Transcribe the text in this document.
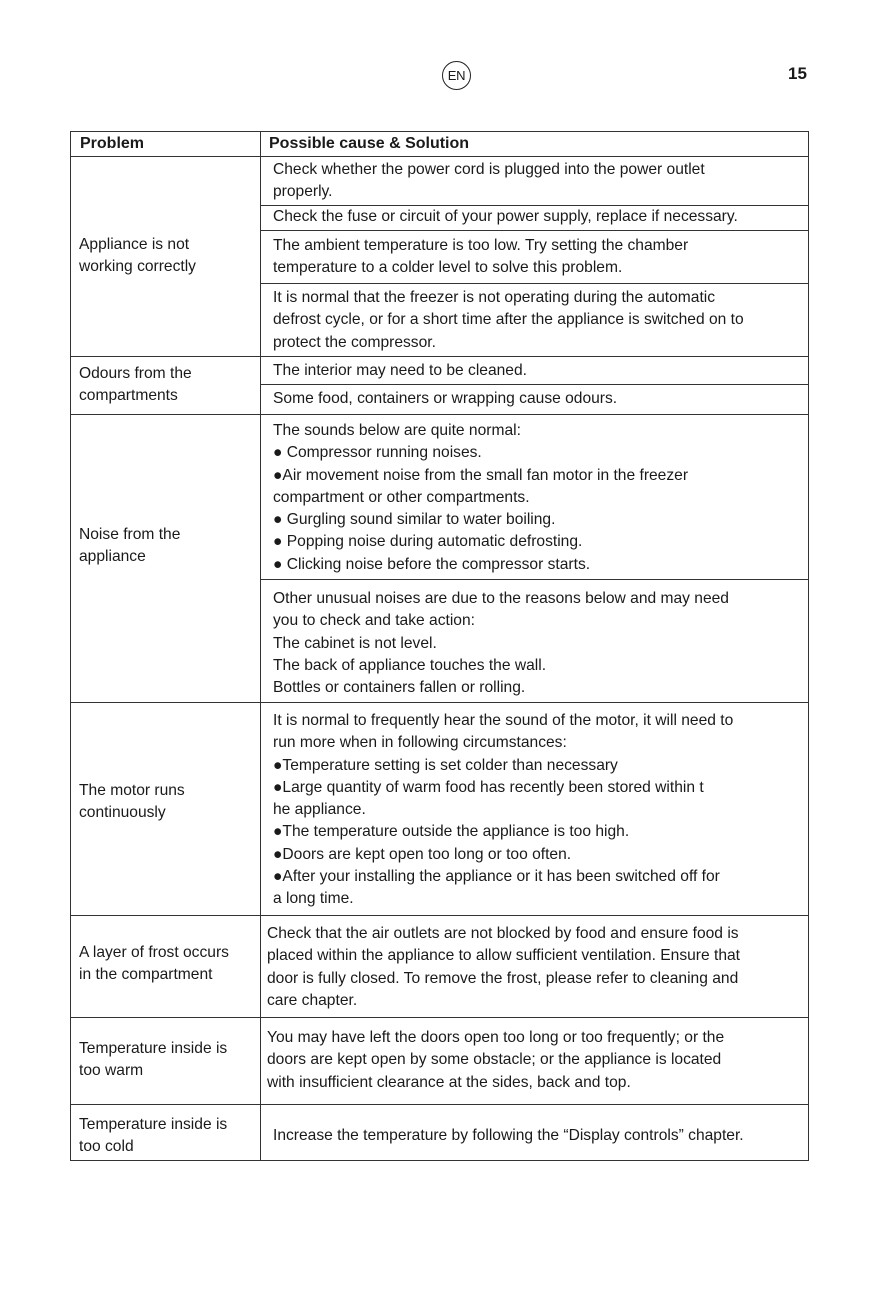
EN	15
Problem	Possible cause & Solution
Appliance is not
working correctly
Check whether the power cord is plugged into the power outlet
properly.
Check the fuse or circuit of your power supply, replace if necessary.
The ambient temperature is too low. Try setting the chamber
temperature to a colder level to solve this problem.
It is normal that the freezer is not operating during the automatic
defrost cycle, or for a short time after the appliance is switched on to
protect the compressor.
Odours from the
compartments
The interior may need to be cleaned.
Some food, containers or wrapping cause odours.
Noise from the
appliance
The sounds below are quite normal:
● Compressor running noises.
●Air movement noise from the small fan motor in the freezer
compartment or other compartments.
● Gurgling sound similar to water boiling.
● Popping noise during automatic defrosting.
● Clicking noise before the compressor starts.
Other unusual noises are due to the reasons below and may need
you to check and take action:
The cabinet is not level.
The back of appliance touches the wall.
Bottles or containers fallen or rolling.
The motor runs
continuously
It is normal to frequently hear the sound of the motor, it will need to
run more when in following circumstances:
●Temperature setting is set colder than necessary
●Large quantity of warm food has recently been stored within t
he appliance.
●The temperature outside the appliance is too high.
●Doors are kept open too long or too often.
●After your installing the appliance or it has been switched off for
a long time.
A layer of frost occurs
in the compartment
Check that the air outlets are not blocked by food and ensure food is
placed within the appliance to allow sufficient ventilation. Ensure that
door is fully closed. To remove the frost, please refer to cleaning and
care chapter.
Temperature inside is
too warm
You may have left the doors open too long or too frequently; or the
doors are kept open by some obstacle; or the appliance is located
with insufficient clearance at the sides, back and top.
Temperature inside is
too cold
Increase the temperature by following the “Display controls” chapter.
